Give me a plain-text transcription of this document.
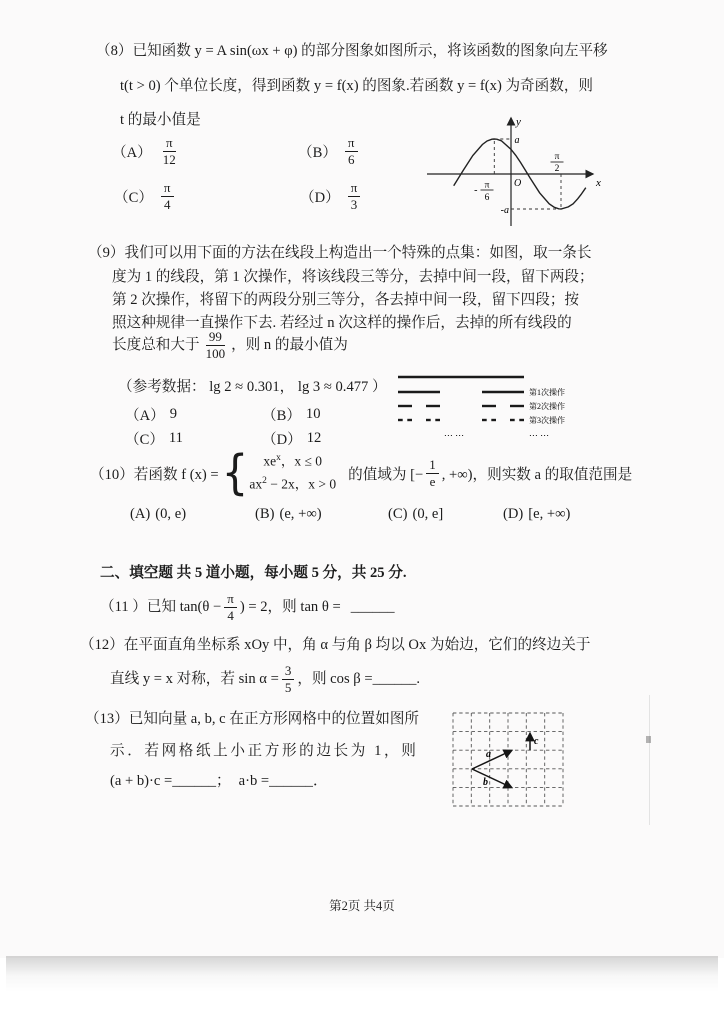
（8）已知函数 y = A sin(ωx + φ) 的部分图象如图所示，将该函数的图象向左平移
t(t > 0) 个单位长度，得到函数 y = f(x) 的图象.若函数 y = f(x) 为奇函数，则
t 的最小值是
$(A) \frac{\pi}{12}$	$(B) \frac{\pi}{6}$
$(C) \frac{\pi}{4}$	$(D) \frac{\pi}{3}$
y
x
O
a
-a
π
2
- π
6
（9）我们可以用下面的方法在线段上构造出一个特殊的点集：如图，取一条长
度为 1 的线段，第 1 次操作，将该线段三等分，去掉中间一段，留下两段；
第 2 次操作，将留下的两段分别三等分，各去掉中间一段，留下四段；按
照这种规律一直操作下去. 若经过 n 次这样的操作后，去掉的所有线段的
长度总和大于 $\frac{99}{100}$ ，则 n 的最小值为
（参考数据： lg 2 ≈ 0.301， lg 3 ≈ 0.477 ）
（A） 9	（B） 10
（C） 11	（D） 12
第1次操作
第2次操作
第3次操作
⋯ ⋯	⋯ ⋯
（10）若函数 f (x) = {	$xe^x$，x ≤ 0
$ax^2 - 2x$，x > 0
的值域为 [− $\frac{1}{e}$ , +∞)，则实数 a 的取值范围是
(A) (0, e)	(B) (e, +∞)	(C) (0, e]	(D) [e, +∞)
二、填空题 共 5 道小题，每小题 5 分，共 25 分.
（11 ）已知 $\tan(\theta - \frac{\pi}{4}$ ) = 2，则 tan θ = ______
（12）在平面直角坐标系 xOy 中，角 α 与角 β 均以 Ox 为始边，它们的终边关于
直线 y = x 对称，若 $\sin \alpha = \frac{3}{5}$ ，则 cos β = ______ .
（13）已知向量 a, b, c 在正方形网格中的位置如图所
示．若网格纸上小正方形的边长为 1，则
(a + b)·c = ______ ； a·b = ______ ．
a
b
c
第2页 共4页
